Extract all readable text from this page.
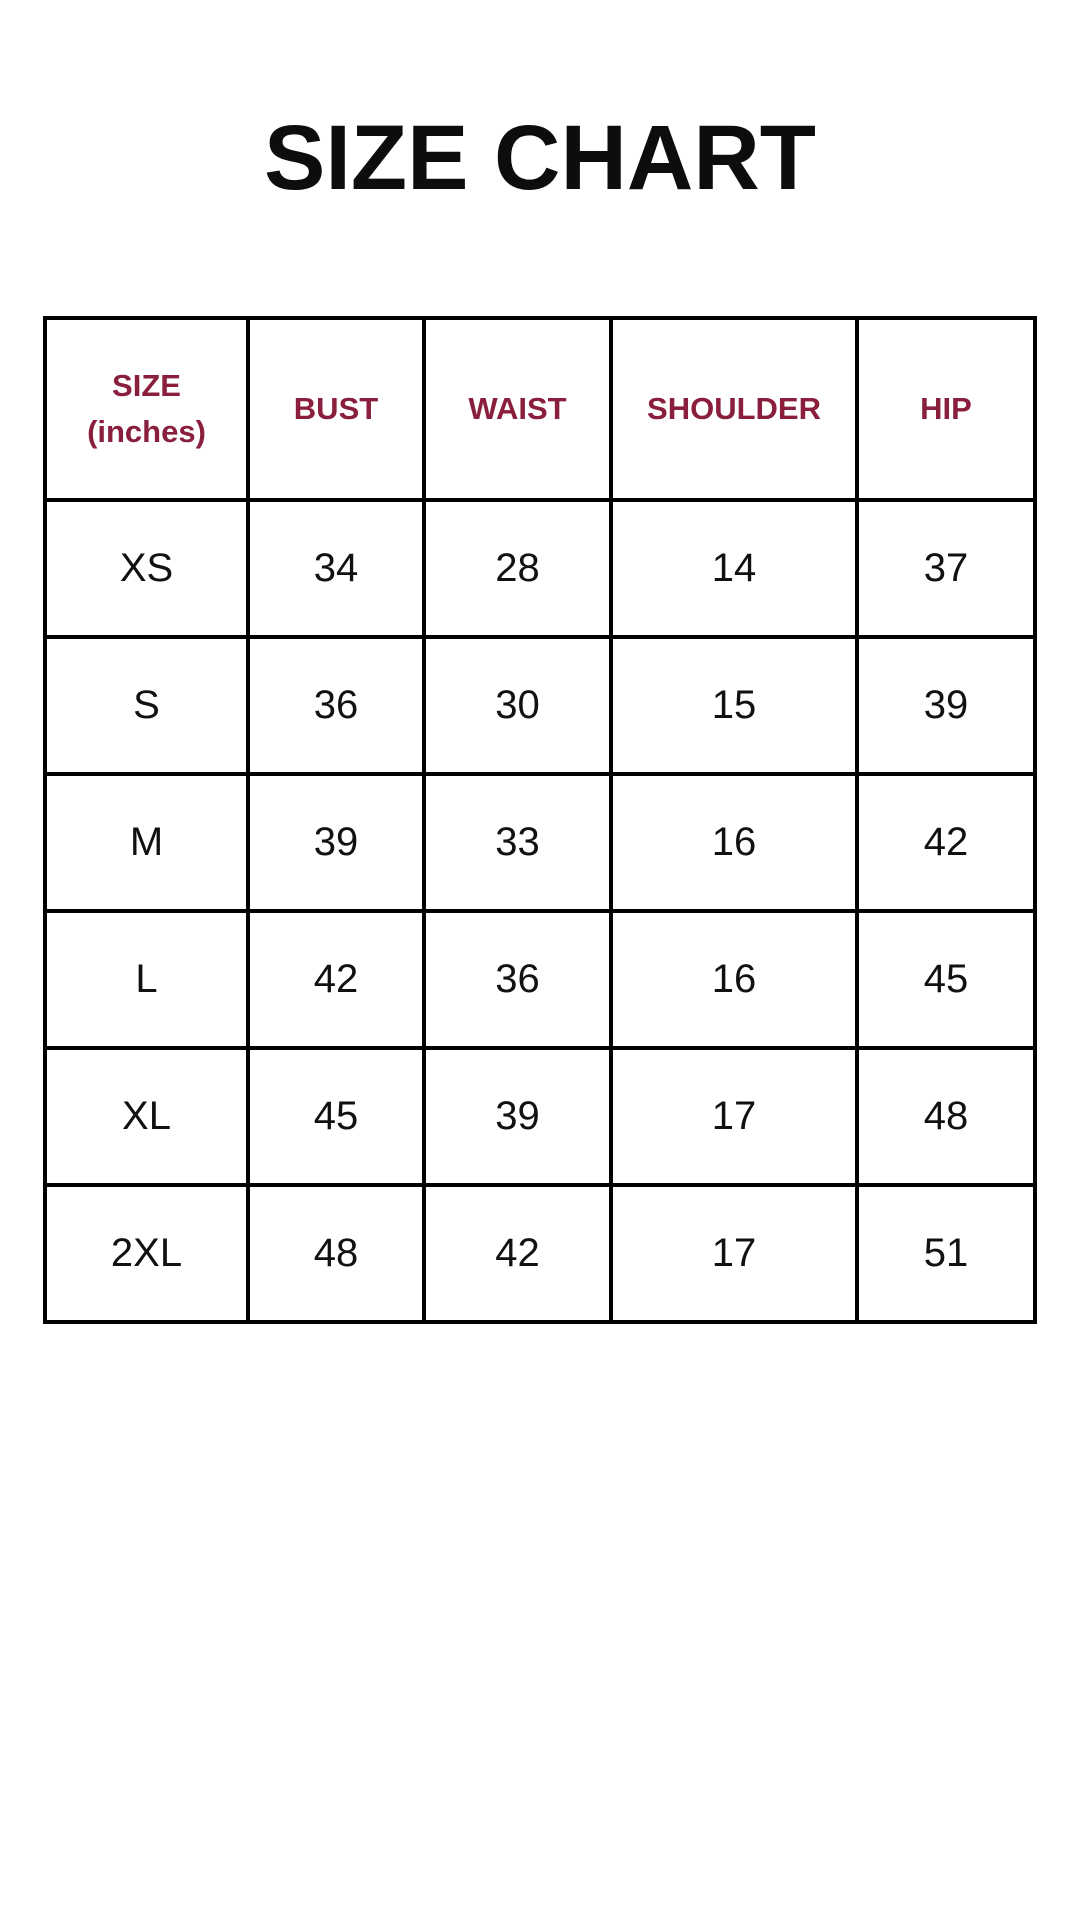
SIZE CHART
SIZE
(inches)	BUST	WAIST	SHOULDER	HIP
XS	34	28	14	37
S	36	30	15	39
M	39	33	16	42
L	42	36	16	45
XL	45	39	17	48
2XL	48	42	17	51
